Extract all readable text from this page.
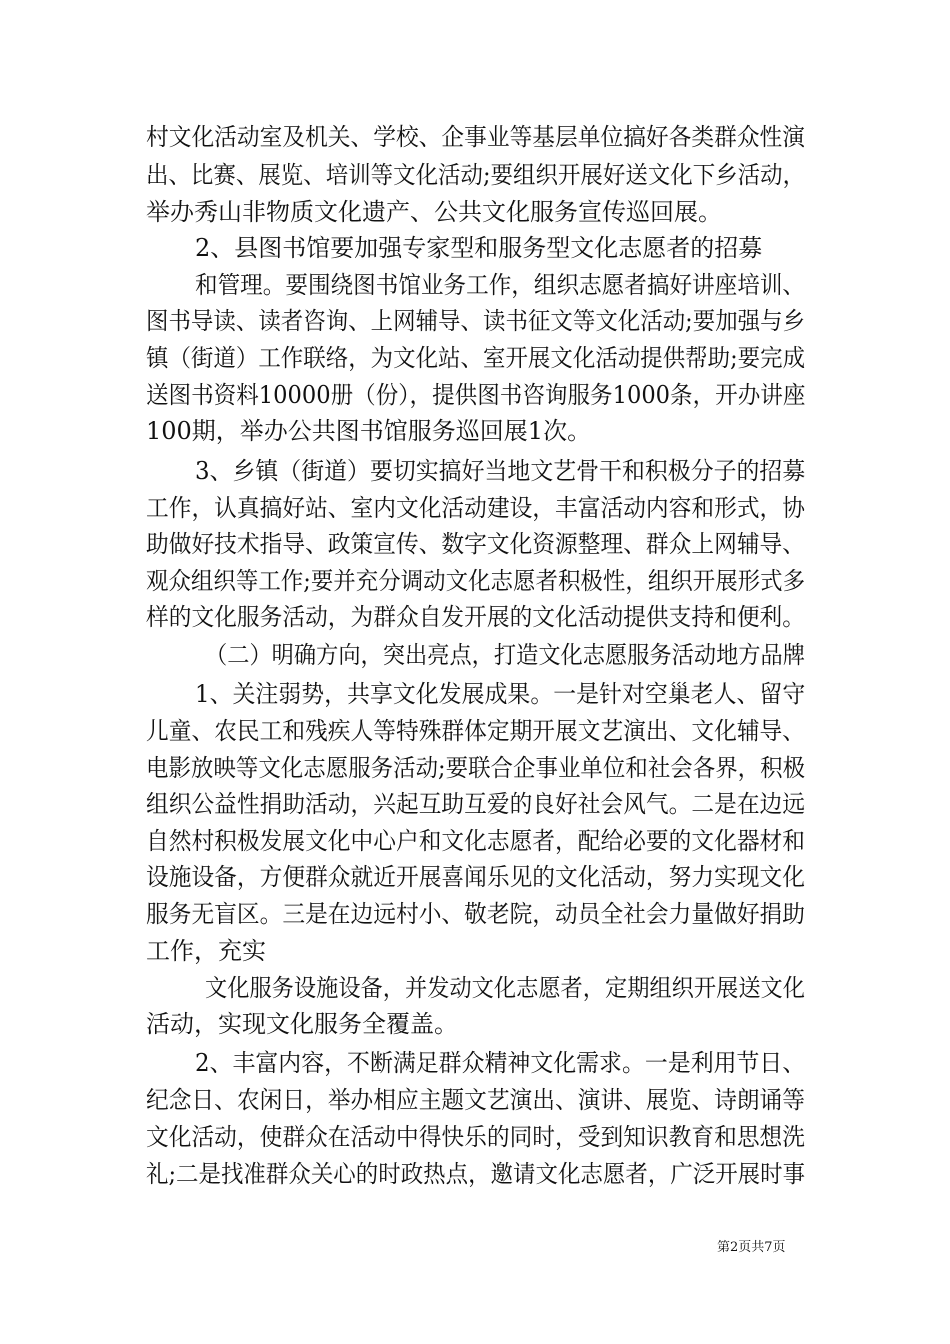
村文化活动室及机关、学校、企事业等基层单位搞好各类群众性演
出、比赛、展览、培训等文化活动;要组织开展好送文化下乡活动，
举办秀山非物质文化遗产、公共文化服务宣传巡回展。
2、县图书馆要加强专家型和服务型文化志愿者的招募
和管理。要围绕图书馆业务工作，组织志愿者搞好讲座培训、
图书导读、读者咨询、上网辅导、读书征文等文化活动;要加强与乡
镇（街道）工作联络，为文化站、室开展文化活动提供帮助;要完成
送图书资料10000册（份），提供图书咨询服务1000条，开办讲座
100期，举办公共图书馆服务巡回展1次。
3、乡镇（街道）要切实搞好当地文艺骨干和积极分子的招募
工作，认真搞好站、室内文化活动建设，丰富活动内容和形式，协
助做好技术指导、政策宣传、数字文化资源整理、群众上网辅导、
观众组织等工作;要并充分调动文化志愿者积极性，组织开展形式多
样的文化服务活动，为群众自发开展的文化活动提供支持和便利。
（二）明确方向，突出亮点，打造文化志愿服务活动地方品牌
1、关注弱势，共享文化发展成果。一是针对空巢老人、留守
儿童、农民工和残疾人等特殊群体定期开展文艺演出、文化辅导、
电影放映等文化志愿服务活动;要联合企事业单位和社会各界，积极
组织公益性捐助活动，兴起互助互爱的良好社会风气。二是在边远
自然村积极发展文化中心户和文化志愿者，配给必要的文化器材和
设施设备，方便群众就近开展喜闻乐见的文化活动，努力实现文化
服务无盲区。三是在边远村小、敬老院，动员全社会力量做好捐助
工作，充实
文化服务设施设备，并发动文化志愿者，定期组织开展送文化
活动，实现文化服务全覆盖。
2、丰富内容，不断满足群众精神文化需求。一是利用节日、
纪念日、农闲日，举办相应主题文艺演出、演讲、展览、诗朗诵等
文化活动，使群众在活动中得快乐的同时，受到知识教育和思想洗
礼;二是找准群众关心的时政热点，邀请文化志愿者，广泛开展时事
第2页共7页
